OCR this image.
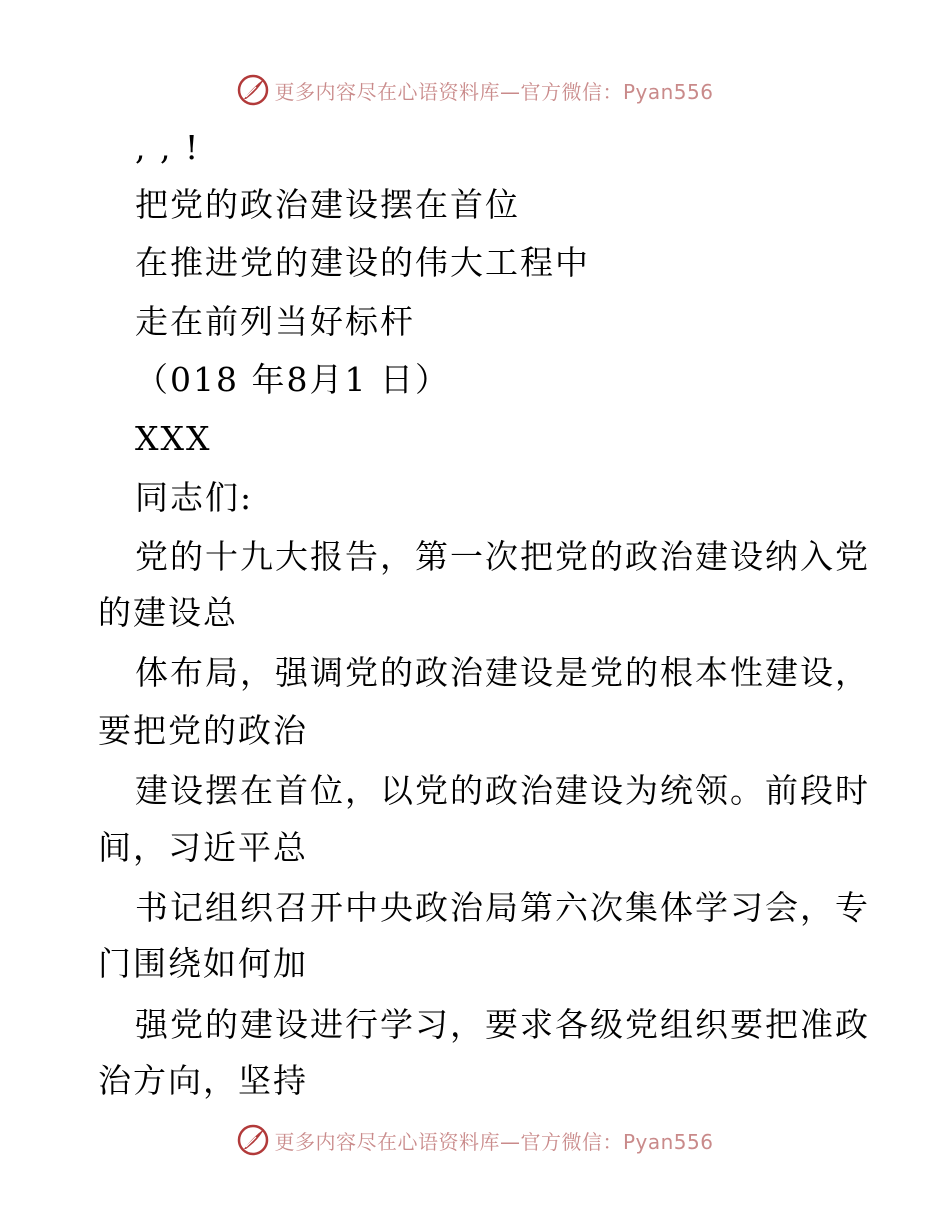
更多内容尽在心语资料库—官方微信：Pyan556
, , !
把党的政治建设摆在首位
在推进党的建设的伟大工程中
走在前列当好标杆
（018 年8月1 日）
XXX
同志们:
党的十九大报告，第一次把党的政治建设纳入党
的建设总
体布局，强调党的政治建设是党的根本性建设，
要把党的政治
建设摆在首位，以党的政治建设为统领。前段时
间，习近平总
书记组织召开中央政治局第六次集体学习会，专
门围绕如何加
强党的建设进行学习，要求各级党组织要把准政
治方向，坚持
更多内容尽在心语资料库—官方微信：Pyan556
